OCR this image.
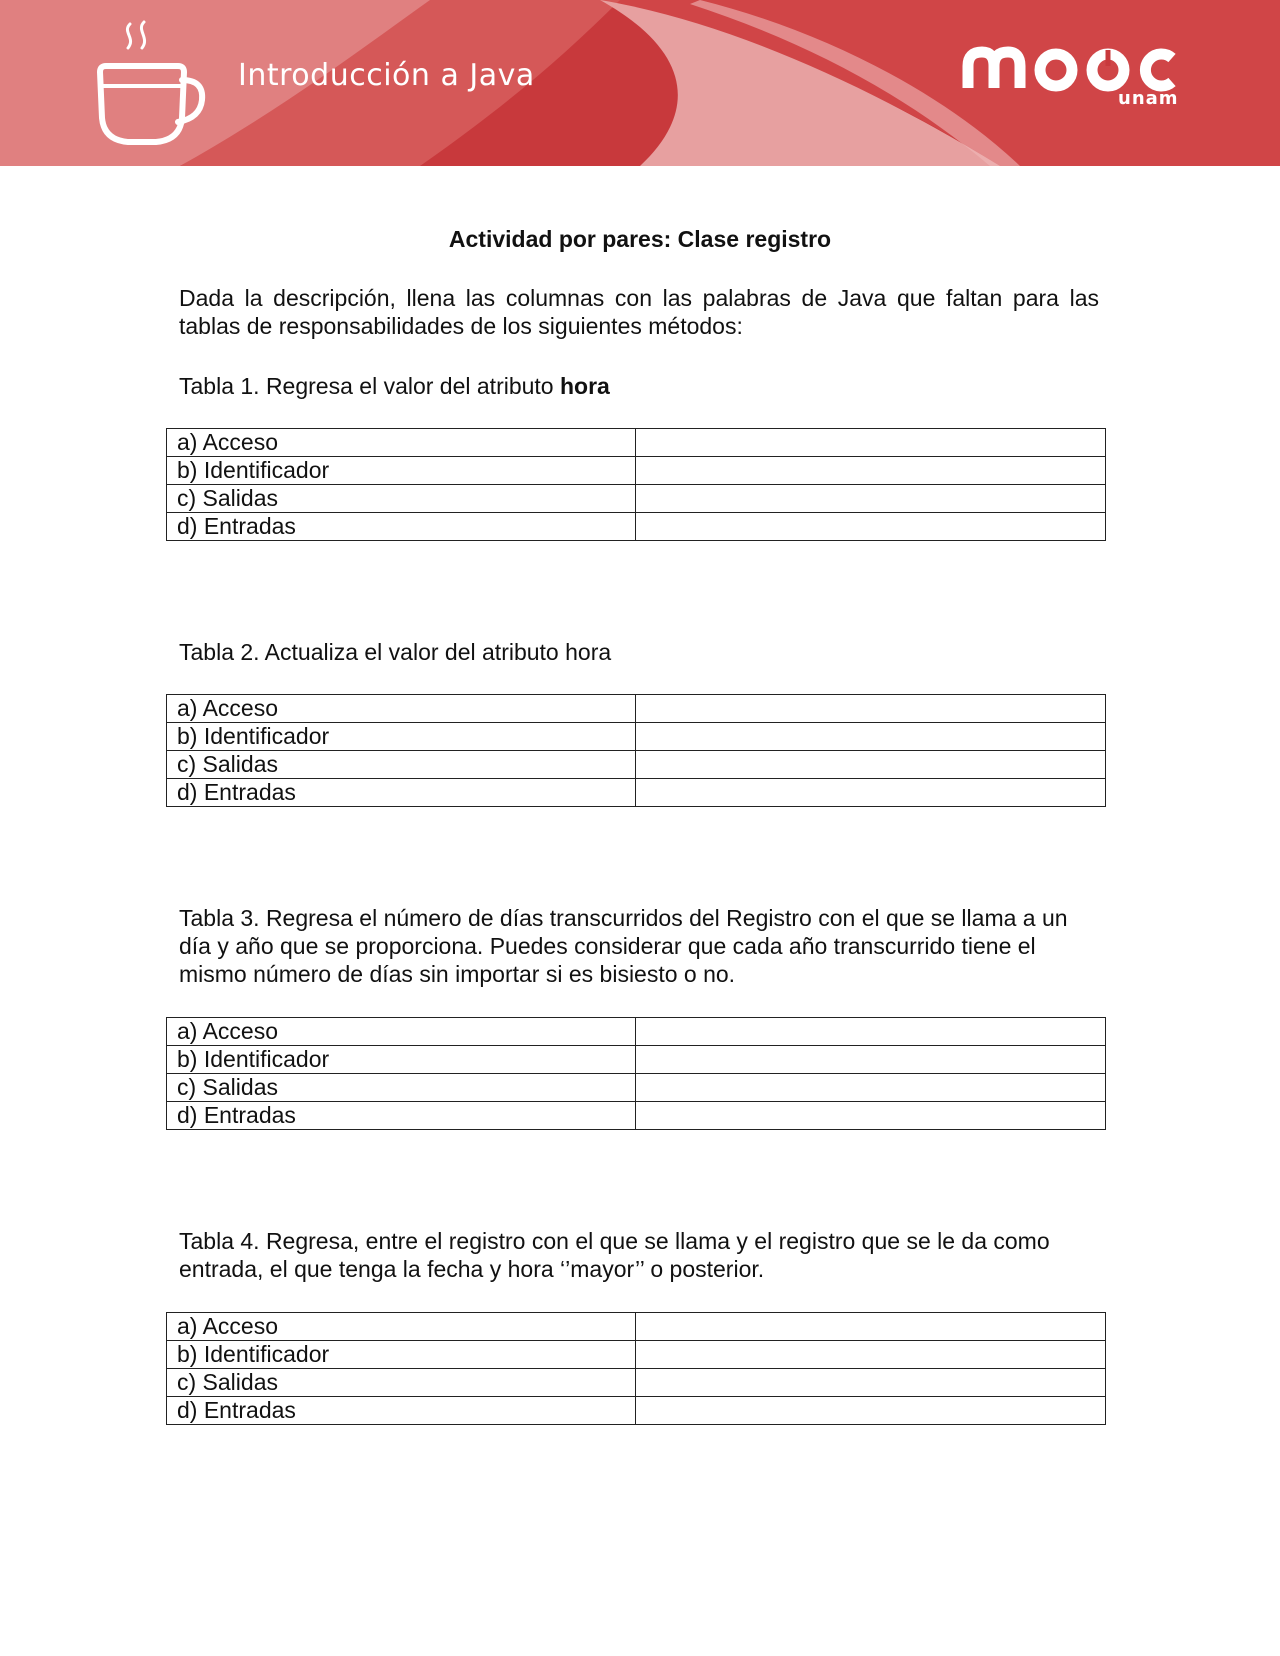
Introducción a Java
unam
Actividad por pares: Clase registro
Dada la descripción, llena las columnas con las palabras de Java que faltan para las tablas de responsabilidades de los siguientes métodos:
Tabla 1. Regresa el valor del atributo hora
a) Acceso	
b) Identificador	
c) Salidas	
d) Entradas	
Tabla 2. Actualiza el valor del atributo hora
a) Acceso	
b) Identificador	
c) Salidas	
d) Entradas	
Tabla 3. Regresa el número de días transcurridos del Registro con el que se llama a un día y año que se proporciona. Puedes considerar que cada año transcurrido tiene el mismo número de días sin importar si es bisiesto o no.
a) Acceso	
b) Identificador	
c) Salidas	
d) Entradas	
Tabla 4. Regresa, entre el registro con el que se llama y el registro que se le da como entrada, el que tenga la fecha y hora ‘’mayor’’ o posterior.
a) Acceso	
b) Identificador	
c) Salidas	
d) Entradas	
